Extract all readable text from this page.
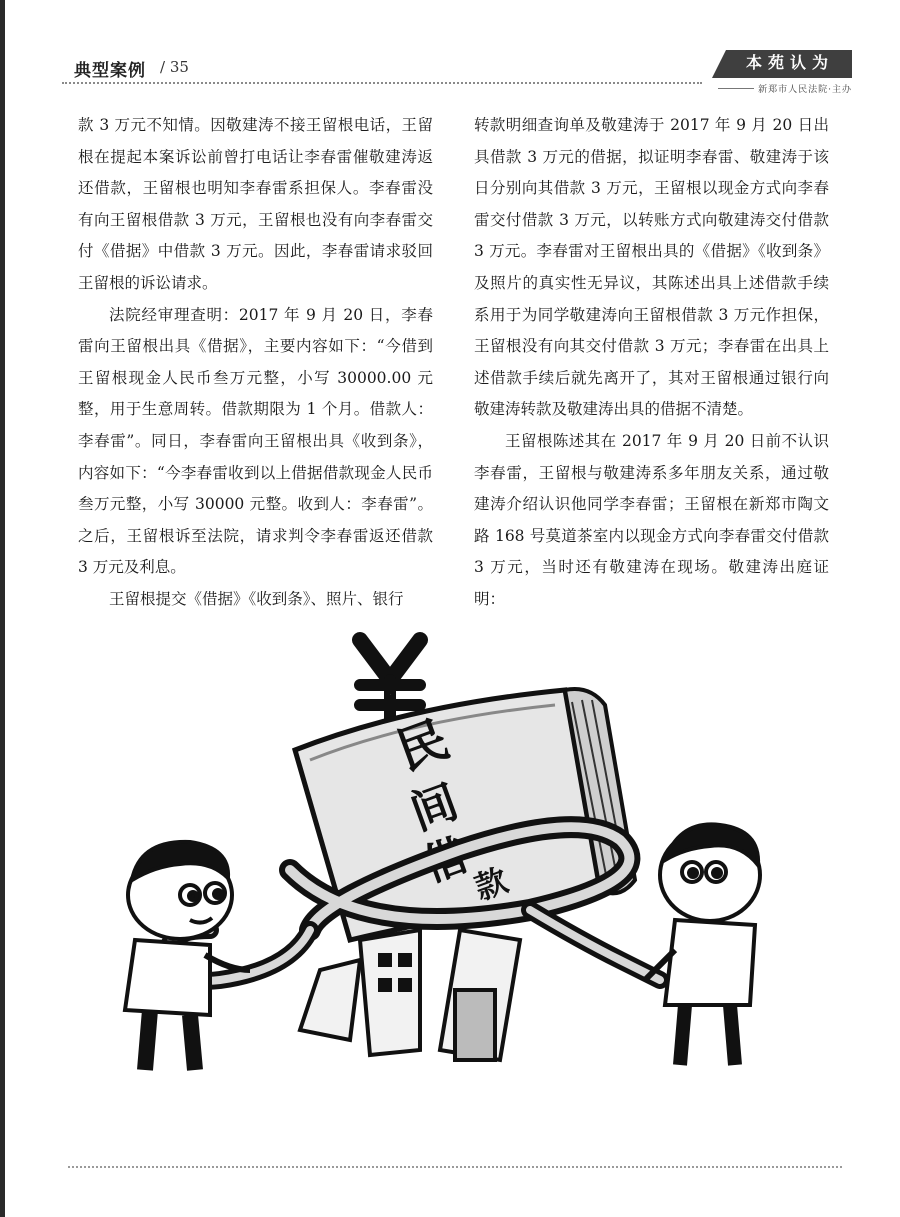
典型案例 / 35	本苑认为
新郑市人民法院·主办

款 3 万元不知情。因敬建涛不接王留根电话，王留根在提起本案诉讼前曾打电话让李春雷催敬建涛返还借款，王留根也明知李春雷系担保人。李春雷没有向王留根借款 3 万元，王留根也没有向李春雷交付《借据》中借款 3 万元。因此，李春雷请求驳回王留根的诉讼请求。

法院经审理查明：2017 年 9 月 20 日，李春雷向王留根出具《借据》，主要内容如下：“今借到王留根现金人民币叁万元整，小写 30000.00 元整，用于生意周转。借款期限为 1 个月。借款人：李春雷”。同日，李春雷向王留根出具《收到条》，内容如下：“今李春雷收到以上借据借款现金人民币叁万元整，小写 30000 元整。收到人：李春雷”。之后，王留根诉至法院，请求判令李春雷返还借款 3 万元及利息。

王留根提交《借据》《收到条》、照片、银行

转款明细查询单及敬建涛于 2017 年 9 月 20 日出具借款 3 万元的借据，拟证明李春雷、敬建涛于该日分别向其借款 3 万元，王留根以现金方式向李春雷交付借款 3 万元，以转账方式向敬建涛交付借款 3 万元。李春雷对王留根出具的《借据》《收到条》及照片的真实性无异议，其陈述出具上述借款手续系用于为同学敬建涛向王留根借款 3 万元作担保，王留根没有向其交付借款 3 万元；李春雷在出具上述借款手续后就先离开了，其对王留根通过银行向敬建涛转款及敬建涛出具的借据不清楚。

王留根陈述其在 2017 年 9 月 20 日前不认识李春雷，王留根与敬建涛系多年朋友关系，通过敬建涛介绍认识他同学李春雷；王留根在新郑市陶文路 168 号莫道茶室内以现金方式向李春雷交付借款 3 万元，当时还有敬建涛在现场。敬建涛出庭证明：

¥
民
间
借
款
